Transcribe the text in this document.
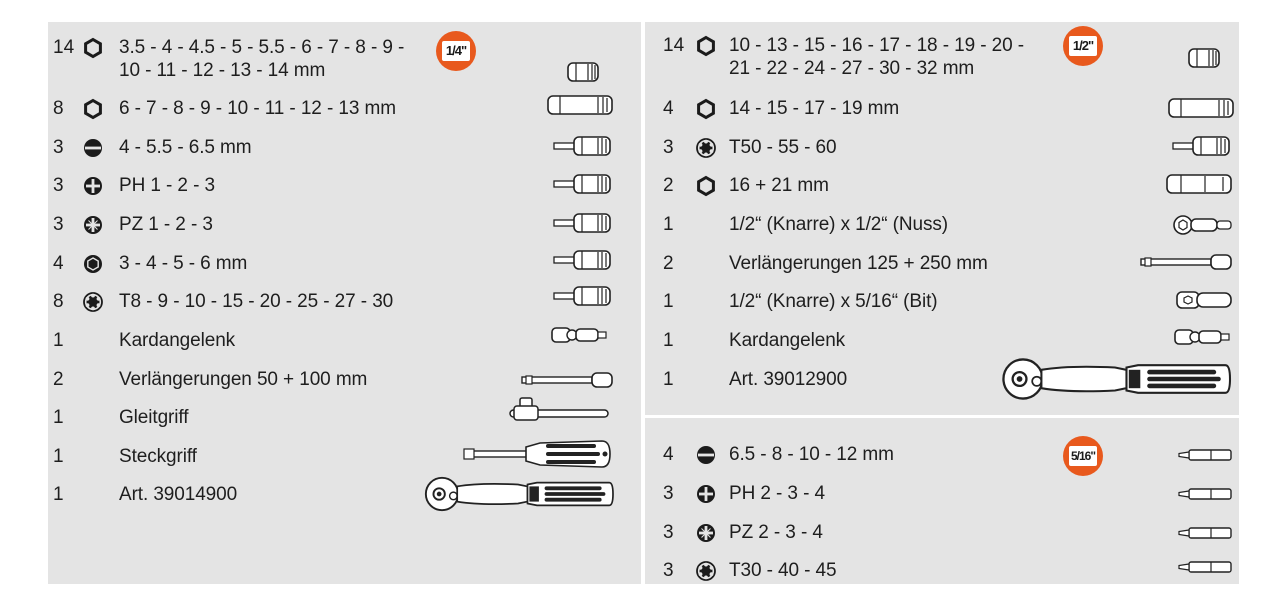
1/4"
14 3.5 - 4 - 4.5 - 5 - 5.5 - 6 - 7 - 8 - 9 -
10 - 11 - 12 - 13 - 14 mm
8	6 - 7 - 8 - 9 - 10 - 11 - 12 - 13 mm
3	4 - 5.5 - 6.5 mm
3	PH 1 - 2 - 3
3	PZ 1 - 2 - 3
4	3 - 4 - 5 - 6 mm
8	T8 - 9 - 10 - 15 - 20 - 25 - 27 - 30
1	Kardangelenk
2	Verlängerungen 50 + 100 mm
1	Gleitgriff
1	Steckgriff
1	Art. 39014900
1/2"
14 10 - 13 - 15 - 16 - 17 - 18 - 19 - 20 -
21 - 22 - 24 - 27 - 30 - 32 mm
4	14 - 15 - 17 - 19 mm
3	T50 - 55 - 60
2	16 + 21 mm
1	1/2“ (Knarre) x 1/2“ (Nuss)
2	Verlängerungen 125 + 250 mm
1	1/2“ (Knarre) x 5/16“ (Bit)
1	Kardangelenk
1	Art. 39012900
5/16"
4	6.5 - 8 - 10 - 12 mm
3	PH 2 - 3 - 4
3	PZ 2 - 3 - 4
3	T30 - 40 - 45
